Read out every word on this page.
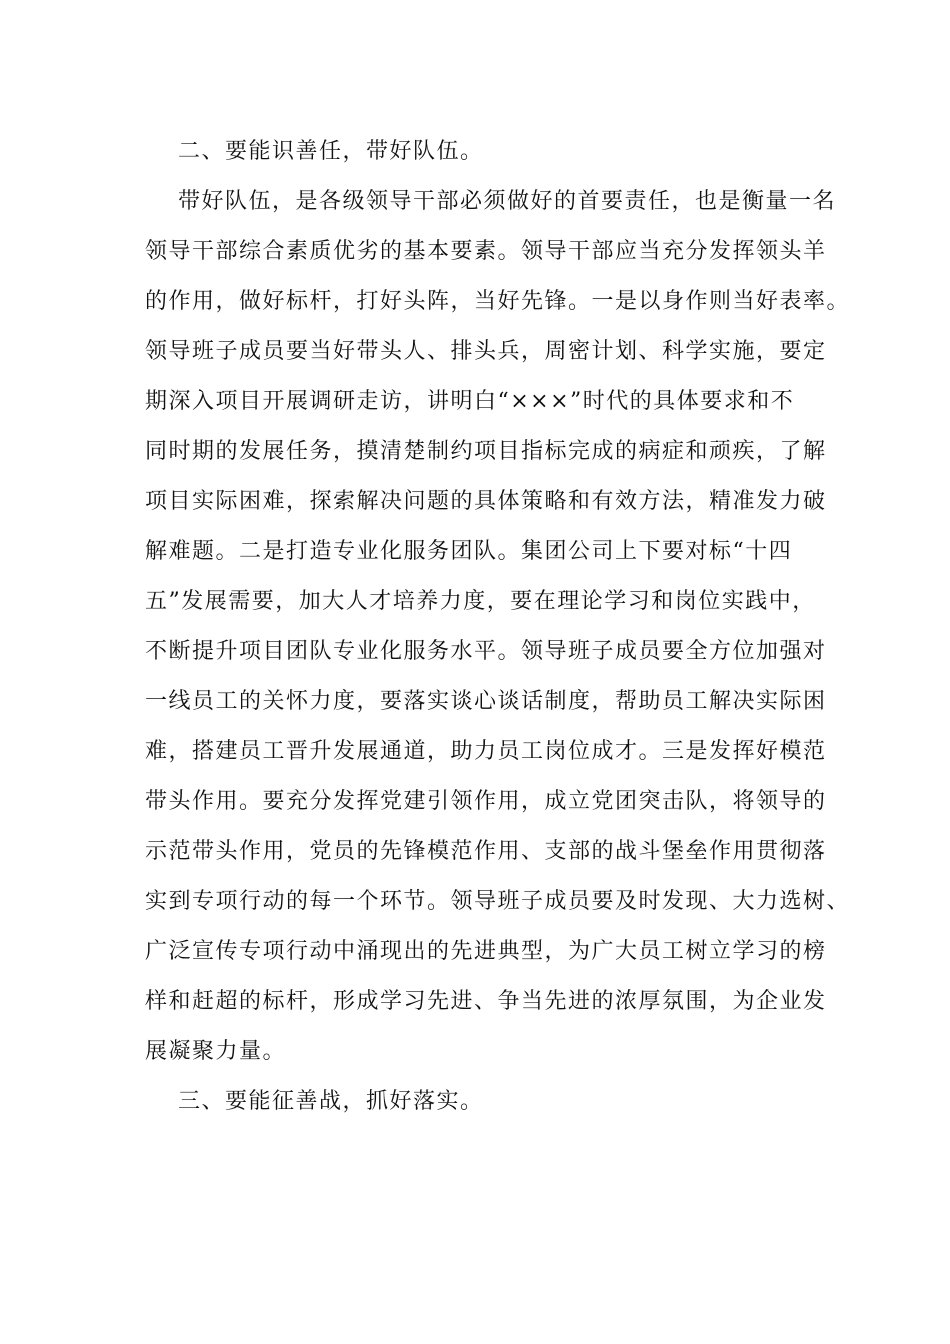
二、要能识善任，带好队伍。

带好队伍，是各级领导干部必须做好的首要责任，也是衡量一名

领导干部综合素质优劣的基本要素。领导干部应当充分发挥领头羊

的作用，做好标杆，打好头阵，当好先锋。一是以身作则当好表率。

领导班子成员要当好带头人、排头兵，周密计划、科学实施，要定

期深入项目开展调研走访，讲明白“×××”时代的具体要求和不

同时期的发展任务，摸清楚制约项目指标完成的病症和顽疾，了解

项目实际困难，探索解决问题的具体策略和有效方法，精准发力破

解难题。二是打造专业化服务团队。集团公司上下要对标“十四

五”发展需要，加大人才培养力度，要在理论学习和岗位实践中，

不断提升项目团队专业化服务水平。领导班子成员要全方位加强对

一线员工的关怀力度，要落实谈心谈话制度，帮助员工解决实际困

难，搭建员工晋升发展通道，助力员工岗位成才。三是发挥好模范

带头作用。要充分发挥党建引领作用，成立党团突击队，将领导的

示范带头作用，党员的先锋模范作用、支部的战斗堡垒作用贯彻落

实到专项行动的每一个环节。领导班子成员要及时发现、大力选树、

广泛宣传专项行动中涌现出的先进典型，为广大员工树立学习的榜

样和赶超的标杆，形成学习先进、争当先进的浓厚氛围，为企业发

展凝聚力量。

三、要能征善战，抓好落实。
